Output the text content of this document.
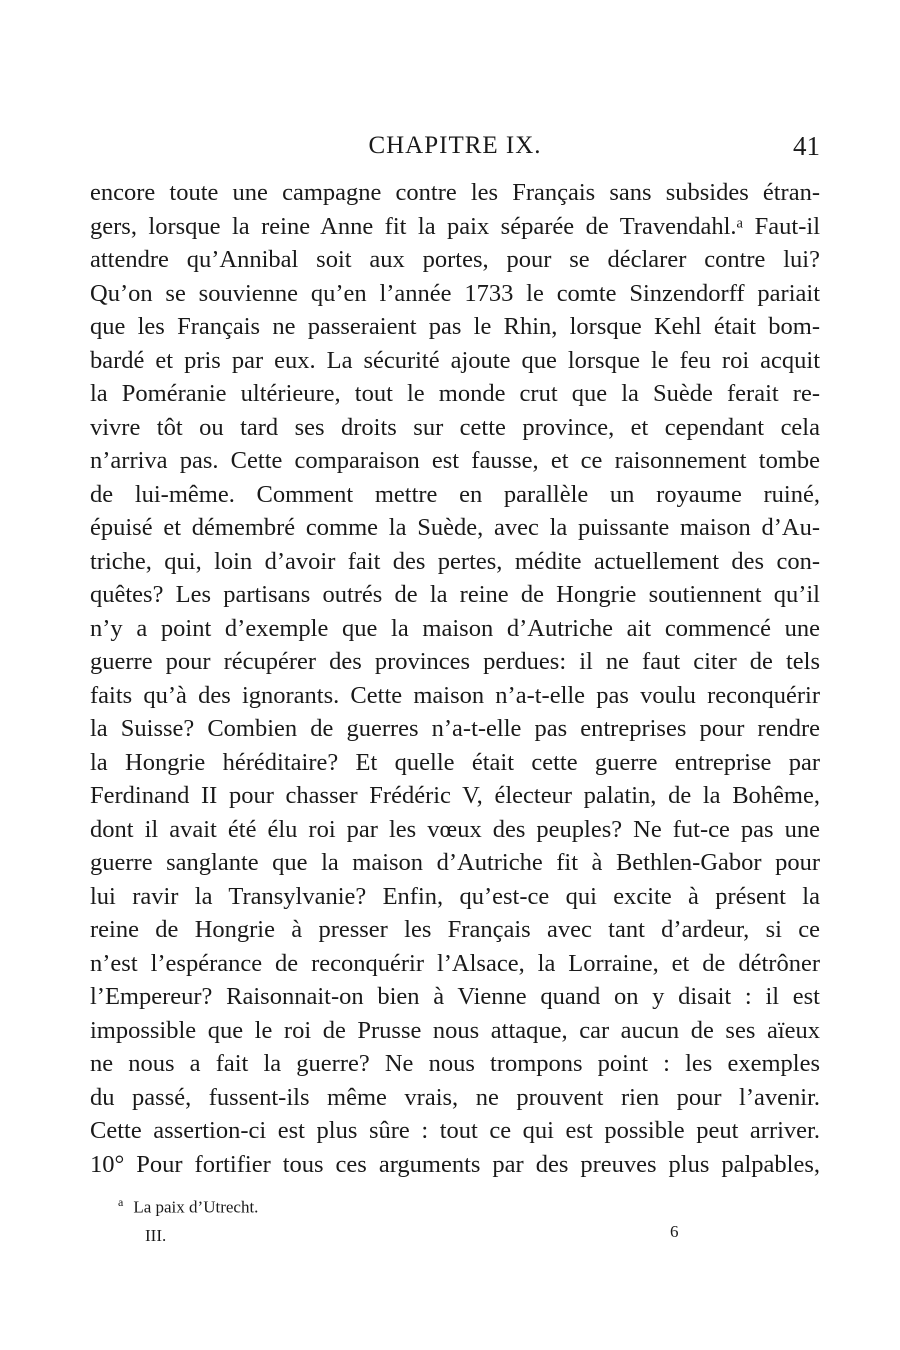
CHAPITRE IX.	41
encore toute une campagne contre les Français sans subsides étran-
gers, lorsque la reine Anne fit la paix séparée de Travendahl.ᵃ Faut-il
attendre qu’Annibal soit aux portes, pour se déclarer contre lui?
Qu’on se souvienne qu’en l’année 1733 le comte Sinzendorff pariait
que les Français ne passeraient pas le Rhin, lorsque Kehl était bom-
bardé et pris par eux. La sécurité ajoute que lorsque le feu roi acquit
la Poméranie ultérieure, tout le monde crut que la Suède ferait re-
vivre tôt ou tard ses droits sur cette province, et cependant cela
n’arriva pas. Cette comparaison est fausse, et ce raisonnement tombe
de lui-même. Comment mettre en parallèle un royaume ruiné,
épuisé et démembré comme la Suède, avec la puissante maison d’Au-
triche, qui, loin d’avoir fait des pertes, médite actuellement des con-
quêtes? Les partisans outrés de la reine de Hongrie soutiennent qu’il
n’y a point d’exemple que la maison d’Autriche ait commencé une
guerre pour récupérer des provinces perdues: il ne faut citer de tels
faits qu’à des ignorants. Cette maison n’a-t-elle pas voulu reconquérir
la Suisse? Combien de guerres n’a-t-elle pas entreprises pour rendre
la Hongrie héréditaire? Et quelle était cette guerre entreprise par
Ferdinand II pour chasser Frédéric V, électeur palatin, de la Bohême,
dont il avait été élu roi par les vœux des peuples? Ne fut-ce pas une
guerre sanglante que la maison d’Autriche fit à Bethlen-Gabor pour
lui ravir la Transylvanie? Enfin, qu’est-ce qui excite à présent la
reine de Hongrie à presser les Français avec tant d’ardeur, si ce
n’est l’espérance de reconquérir l’Alsace, la Lorraine, et de détrôner
l’Empereur? Raisonnait-on bien à Vienne quand on y disait : il est
impossible que le roi de Prusse nous attaque, car aucun de ses aïeux
ne nous a fait la guerre? Ne nous trompons point : les exemples
du passé, fussent-ils même vrais, ne prouvent rien pour l’avenir.
Cette assertion-ci est plus sûre : tout ce qui est possible peut arriver.
10° Pour fortifier tous ces arguments par des preuves plus palpables,
$^a$ La paix d’Utrecht.
III.	6
